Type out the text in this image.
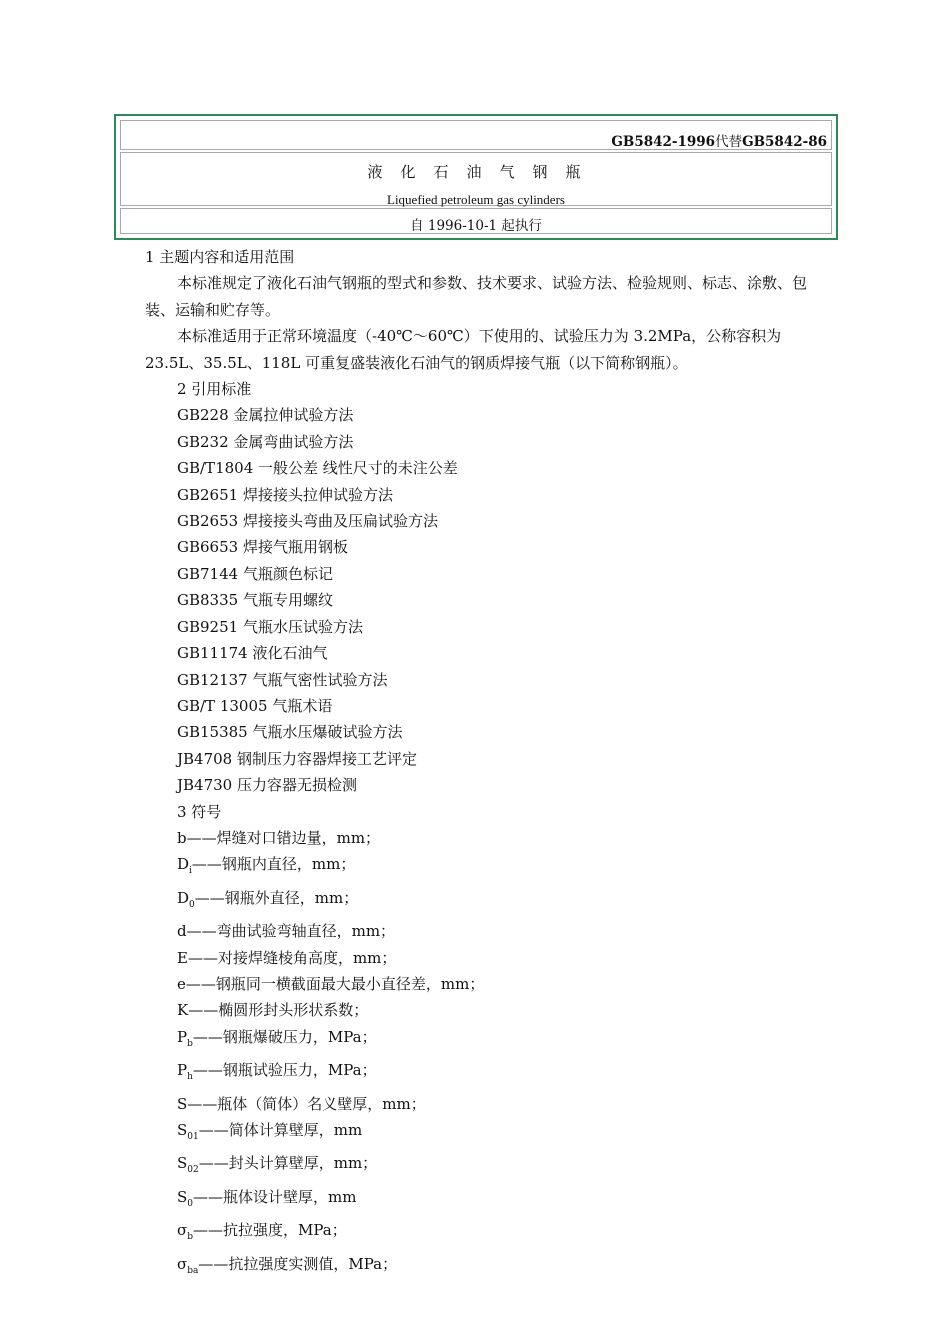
GB5842-1996代替GB5842-86
液化石油气钢瓶
Liquefied petroleum gas cylinders
自 1996-10-1 起执行

1 主题内容和适用范围

本标准规定了液化石油气钢瓶的型式和参数、技术要求、试验方法、检验规则、标志、涂敷、包装、运输和贮存等。

本标准适用于正常环境温度（-40℃～60℃）下使用的、试验压力为 3.2MPa，公称容积为 23.5L、35.5L、118L 可重复盛装液化石油气的钢质焊接气瓶（以下简称钢瓶）。

2 引用标准

GB228 金属拉伸试验方法

GB232 金属弯曲试验方法

GB/T1804 一般公差 线性尺寸的未注公差

GB2651 焊接接头拉伸试验方法

GB2653 焊接接头弯曲及压扁试验方法

GB6653 焊接气瓶用钢板

GB7144 气瓶颜色标记

GB8335 气瓶专用螺纹

GB9251 气瓶水压试验方法

GB11174 液化石油气

GB12137 气瓶气密性试验方法

GB/T 13005 气瓶术语

GB15385 气瓶水压爆破试验方法

JB4708 钢制压力容器焊接工艺评定

JB4730 压力容器无损检测

3 符号

b——焊缝对口错边量，mm；

$D_i——$钢瓶内直径，mm；

$D_0——$钢瓶外直径，mm；

d——弯曲试验弯轴直径，mm；

E——对接焊缝棱角高度，mm；

e——钢瓶同一横截面最大最小直径差，mm；

K——椭圆形封头形状系数；

$P_b——$钢瓶爆破压力，MPa；

$P_h——$钢瓶试验压力，MPa；

S——瓶体（简体）名义壁厚，mm；

$S_{01}——$简体计算壁厚，mm

$S_{02}——$封头计算壁厚，mm；

$S_0——$瓶体设计壁厚，mm

$\sigma_b——$抗拉强度，MPa；

$\sigma_{ba}——$抗拉强度实测值，MPa；
